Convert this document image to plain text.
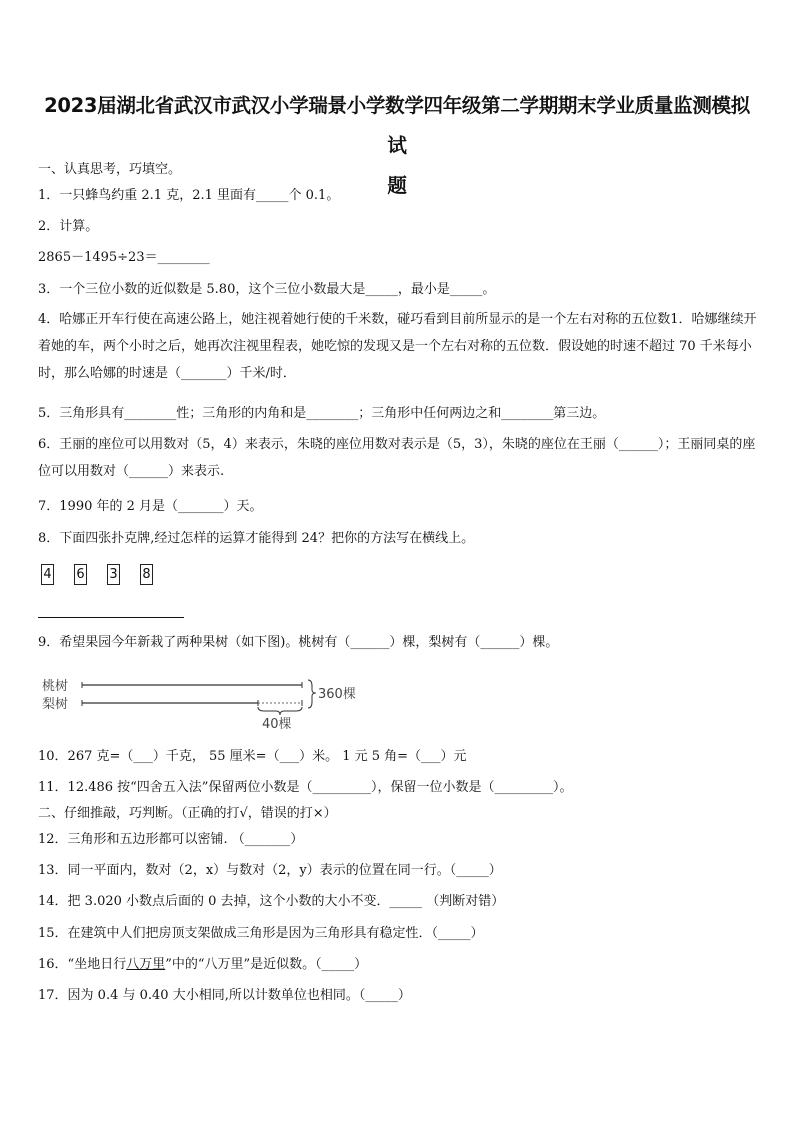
2023届湖北省武汉市武汉小学瑞景小学数学四年级第二学期期末学业质量监测模拟试
题
一、认真思考，巧填空。
1．一只蜂鸟约重 2.1 克，2.1 里面有_____个 0.1。
2．计算。
2865－1495÷23＝________
3．一个三位小数的近似数是 5.80，这个三位小数最大是_____，最小是_____。
4．哈娜正开车行使在高速公路上，她注视着她行使的千米数，碰巧看到目前所显示的是一个左右对称的五位数1．哈娜继续开着她的车，两个小时之后，她再次注视里程表，她吃惊的发现又是一个左右对称的五位数．假设她的时速不超过 70 千米每小时，那么哈娜的时速是（_______）千米/时．
5．三角形具有________性；三角形的内角和是________；三角形中任何两边之和________第三边。
6．王丽的座位可以用数对（5，4）来表示，朱晓的座位用数对表示是（5，3），朱晓的座位在王丽（______）；王丽同桌的座位可以用数对（______）来表示.
7．1990 年的 2 月是（_______）天。
8．下面四张扑克牌,经过怎样的运算才能得到 24？把你的方法写在横线上。
4 6 3 8
9．希望果园今年新栽了两种果树（如下图)。桃树有（______）棵，梨树有（______）棵。
桃树
梨树
360棵
40棵
10．267 克=（___）千克， 55 厘米=（___）米。 1 元 5 角=（___）元
11．12.486 按“四舍五入法”保留两位小数是（_________），保留一位小数是（_________）。
二、仔细推敲，巧判断。（正确的打√，错误的打×）
12．三角形和五边形都可以密铺. （_______）
13．同一平面内，数对（2，x）与数对（2，y）表示的位置在同一行。（_____）
14．把 3.020 小数点后面的 0 去掉，这个小数的大小不变．_____ （判断对错）
15．在建筑中人们把房顶支架做成三角形是因为三角形具有稳定性．（_____）
16．“坐地日行八万里”中的“八万里”是近似数。（_____）
17．因为 0.4 与 0.40 大小相同,所以计数单位也相同。（_____）
